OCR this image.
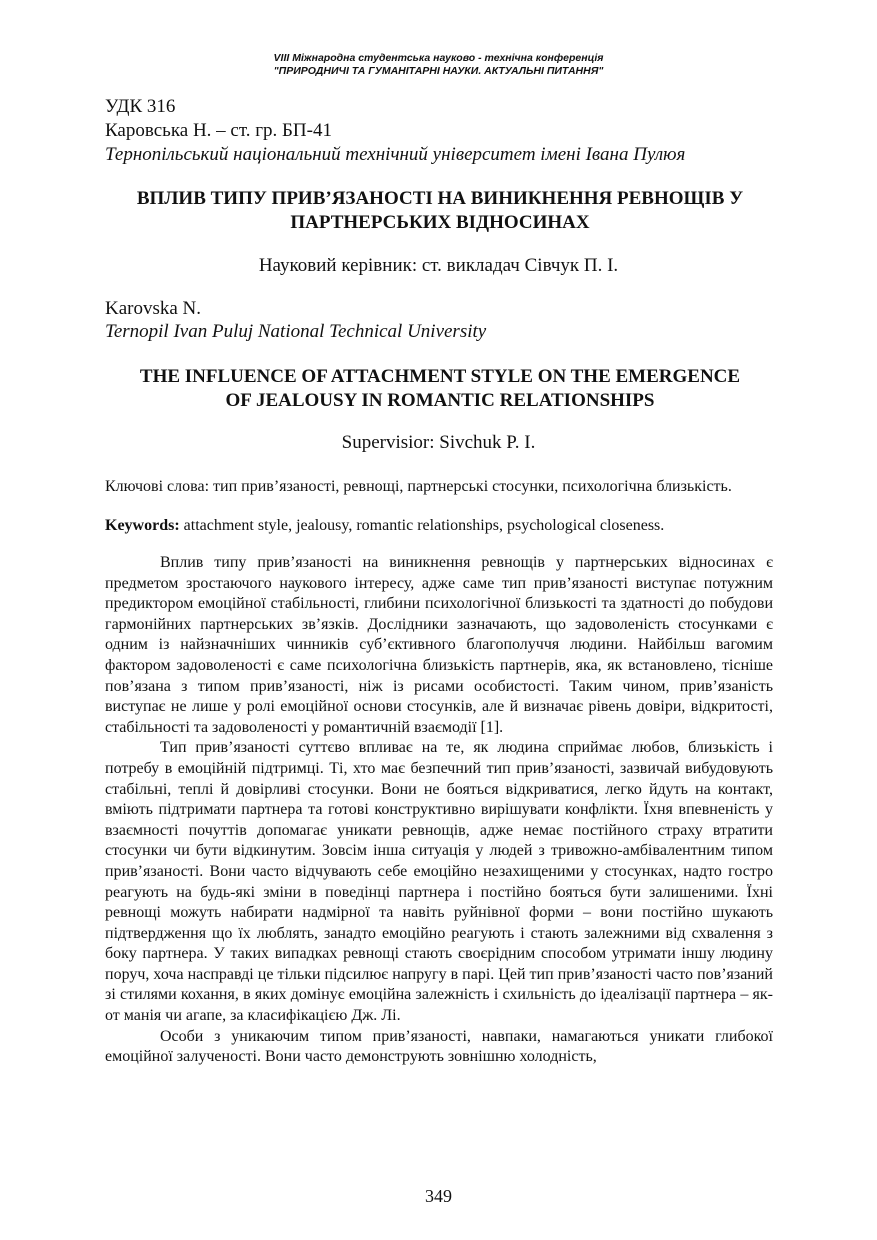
VIII Міжнародна студентська науково - технічна конференція
"ПРИРОДНИЧІ ТА ГУМАНІТАРНІ НАУКИ. АКТУАЛЬНІ ПИТАННЯ"
УДК 316
Каровська Н. – ст. гр. БП-41
Тернопільський національний технічний університет імені Івана Пулюя
ВПЛИВ ТИПУ ПРИВ’ЯЗАНОСТІ НА ВИНИКНЕННЯ РЕВНОЩІВ У
ПАРТНЕРСЬКИХ ВІДНОСИНАХ
Науковий керівник: ст. викладач Сівчук П. І.
Karovska N.
Ternopil Ivan Puluj National Technical University
THE INFLUENCE OF ATTACHMENT STYLE ON THE EMERGENCE
OF JEALOUSY IN ROMANTIC RELATIONSHIPS
Supervisior: Sivchuk P. I.
Ключові слова: тип прив’язаності, ревнощі, партнерські стосунки, психологічна близькість.
Keywords: attachment style, jealousy, romantic relationships, psychological closeness.

Вплив типу прив’язаності на виникнення ревнощів у партнерських відносинах є предметом зростаючого наукового інтересу, адже саме тип прив’язаності виступає потужним предиктором емоційної стабільності, глибини психологічної близькості та здатності до побудови гармонійних партнерських зв’язків. Дослідники зазначають, що задоволеність стосунками є одним із найзначніших чинників суб’єктивного благополуччя людини. Найбільш вагомим фактором задоволеності є саме психологічна близькість партнерів, яка, як встановлено, тісніше пов’язана з типом прив’язаності, ніж із рисами особистості. Таким чином, прив’язаність виступає не лише у ролі емоційної основи стосунків, але й визначає рівень довіри, відкритості, стабільності та задоволеності у романтичній взаємодії [1].

Тип прив’язаності суттєво впливає на те, як людина сприймає любов, близькість і потребу в емоційній підтримці. Ті, хто має безпечний тип прив’язаності, зазвичай вибудовують стабільні, теплі й довірливі стосунки. Вони не бояться відкриватися, легко йдуть на контакт, вміють підтримати партнера та готові конструктивно вирішувати конфлікти. Їхня впевненість у взаємності почуттів допомагає уникати ревнощів, адже немає постійного страху втратити стосунки чи бути відкинутим. Зовсім інша ситуація у людей з тривожно-амбівалентним типом прив’язаності. Вони часто відчувають себе емоційно незахищеними у стосунках, надто гостро реагують на будь-які зміни в поведінці партнера і постійно бояться бути залишеними. Їхні ревнощі можуть набирати надмірної та навіть руйнівної форми – вони постійно шукають підтвердження що їх люблять, занадто емоційно реагують і стають залежними від схвалення з боку партнера. У таких випадках ревнощі стають своєрідним способом утримати іншу людину поруч, хоча насправді це тільки підсилює напругу в парі. Цей тип прив’язаності часто пов’язаний зі стилями кохання, в яких домінує емоційна залежність і схильність до ідеалізації партнера – як-от манія чи агапе, за класифікацією Дж. Лі.

Особи з уникаючим типом прив’язаності, навпаки, намагаються уникати глибокої емоційної залученості. Вони часто демонструють зовнішню холодність,

349
